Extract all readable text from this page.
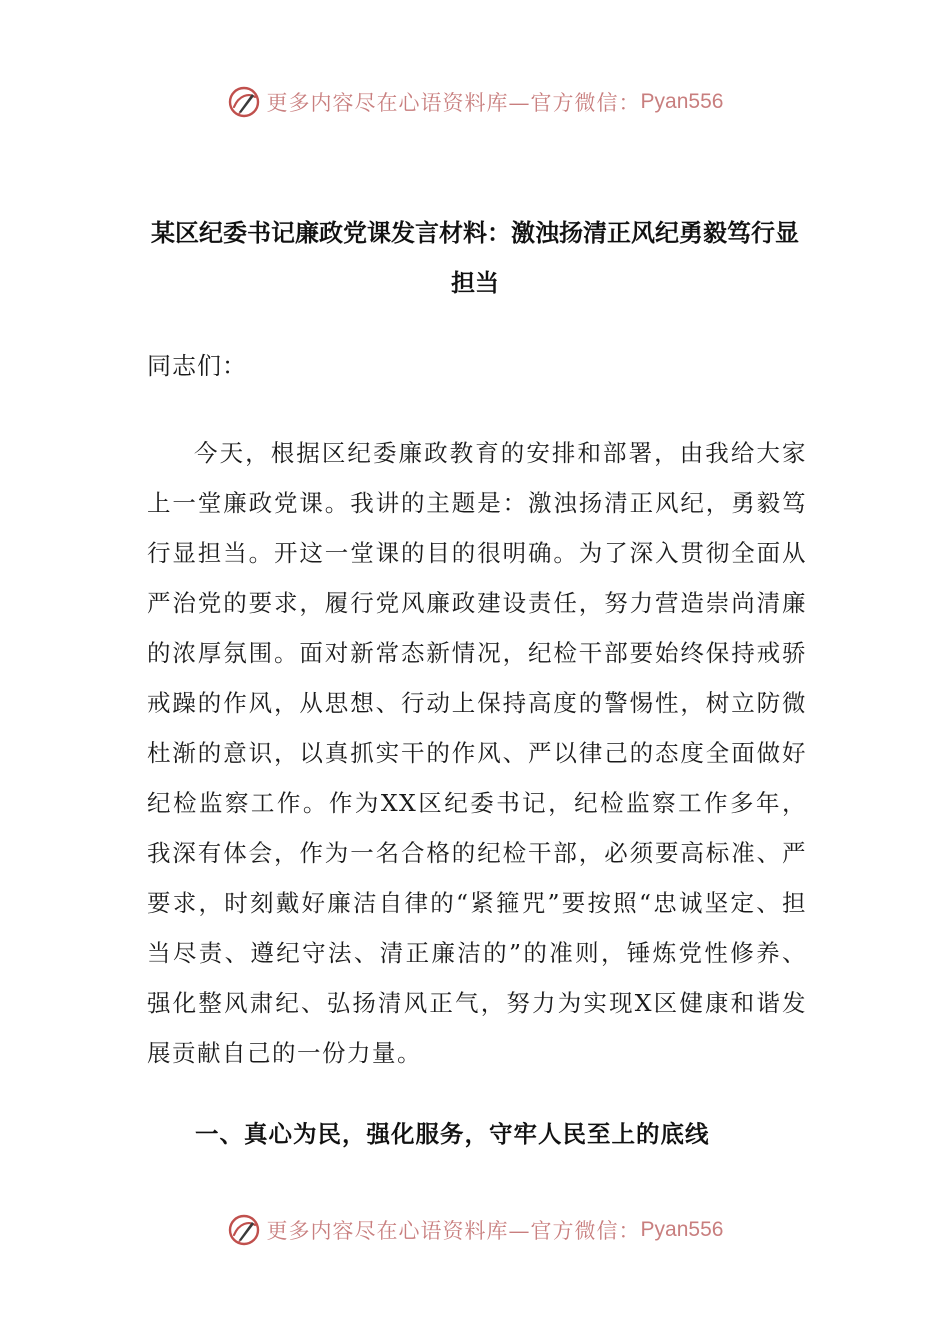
更多内容尽在心语资料库—官方微信： Pyan556
某区纪委书记廉政党课发言材料：激浊扬清正风纪勇毅笃行显担当
同志们：

今天，根据区纪委廉政教育的安排和部署，由我给大家上一堂廉政党课。我讲的主题是：激浊扬清正风纪，勇毅笃行显担当。开这一堂课的目的很明确。为了深入贯彻全面从严治党的要求，履行党风廉政建设责任，努力营造崇尚清廉的浓厚氛围。面对新常态新情况，纪检干部要始终保持戒骄戒躁的作风，从思想、行动上保持高度的警惕性，树立防微杜渐的意识，以真抓实干的作风、严以律己的态度全面做好纪检监察工作。作为XX区纪委书记，纪检监察工作多年，我深有体会，作为一名合格的纪检干部，必须要高标准、严要求，时刻戴好廉洁自律的“紧箍咒”要按照“忠诚坚定、担当尽责、遵纪守法、清正廉洁的”的准则，锤炼党性修养、强化整风肃纪、弘扬清风正气，努力为实现X区健康和谐发展贡献自己的一份力量。

一、真心为民，强化服务，守牢人民至上的底线
更多内容尽在心语资料库—官方微信： Pyan556
